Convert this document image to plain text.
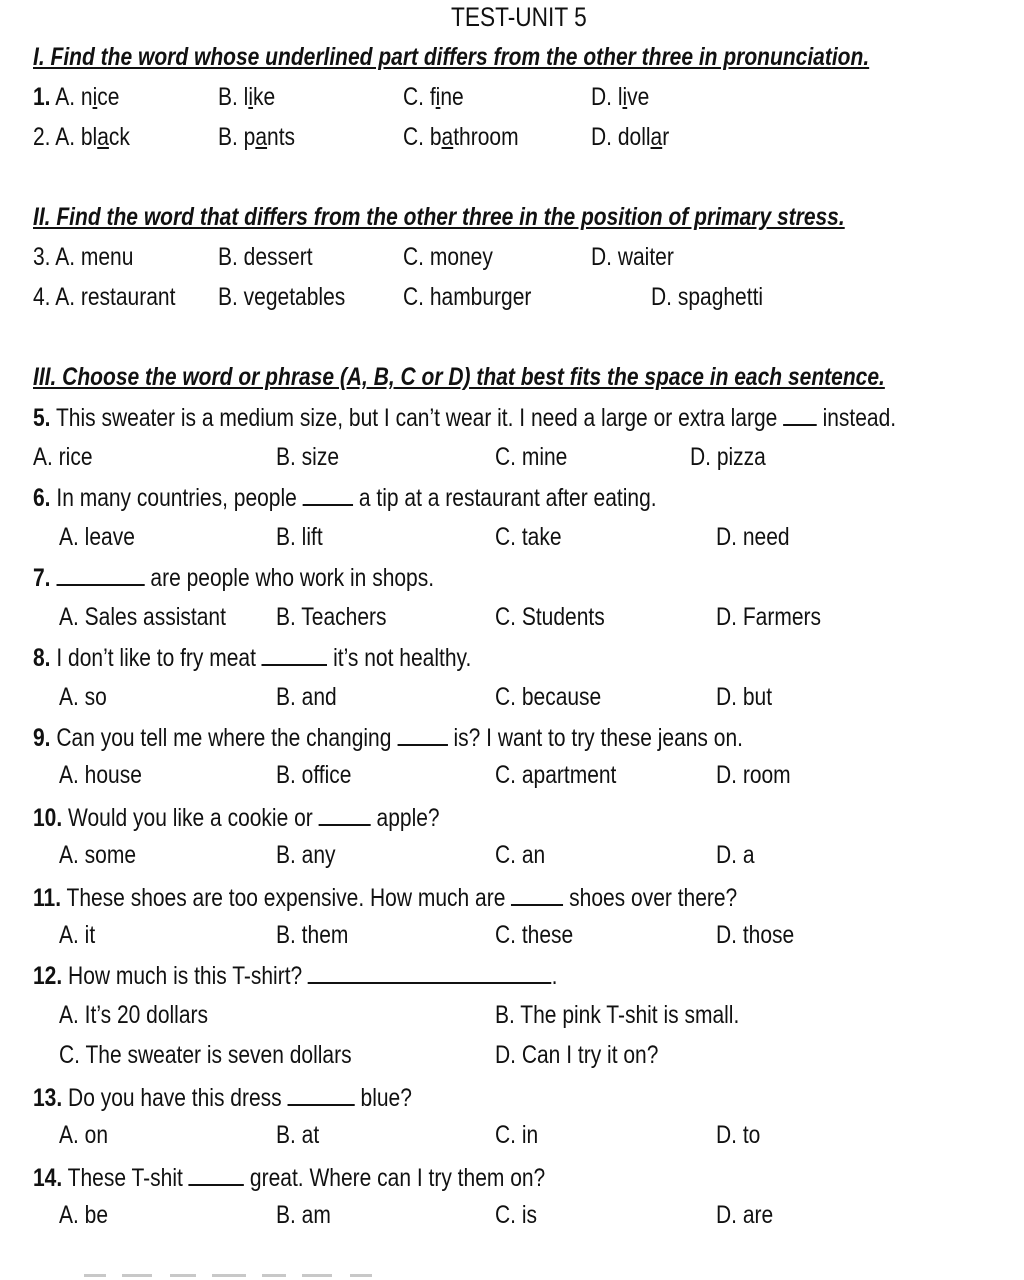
TEST-UNIT 5
I. Find the word whose underlined part differs from the other three in pronunciation.
1. A. nice	B. like	C. fine	D. live
2. A. black	B. pants	C. bathroom	D. dollar
II. Find the word that differs from the other three in the position of primary stress.
3. A. menu	B. dessert	C. money	D. waiter
4. A. restaurant B. vegetables C. hamburger	D. spaghetti
III. Choose the word or phrase (A, B, C or D) that best fits the space in each sentence.
5. This sweater is a medium size, but I can’t wear it. I need a large or extra large  instead.
A. rice	B. size	C. mine	D. pizza
6. In many countries, people  a tip at a restaurant after eating.
A. leave	B. lift	C. take	D. need
7.	are people who work in shops.
A. Sales assistant B. Teachers	C. Students	D. Farmers
8. I don’t like to fry meat	it’s not healthy.
A. so	B. and	C. because	D. but
9. Can you tell me where the changing  is? I want to try these jeans on.
A. house	B. office	C. apartment	D. room
10. Would you like a cookie or  apple?
A. some	B. any	C. an	D. a
11. These shoes are too expensive. How much are  shoes over there?
A. it	B. them	C. these	D. those
12. How much is this T-shirt?	.
A. It’s 20 dollars	B. The pink T-shit is small.
C. The sweater is seven dollars	D. Can I try it on?
13. Do you have this dress	blue?
A. on	B. at	C. in	D. to
14. These T-shit  great. Where can I try them on?
A. be	B. am	C. is	D. are
